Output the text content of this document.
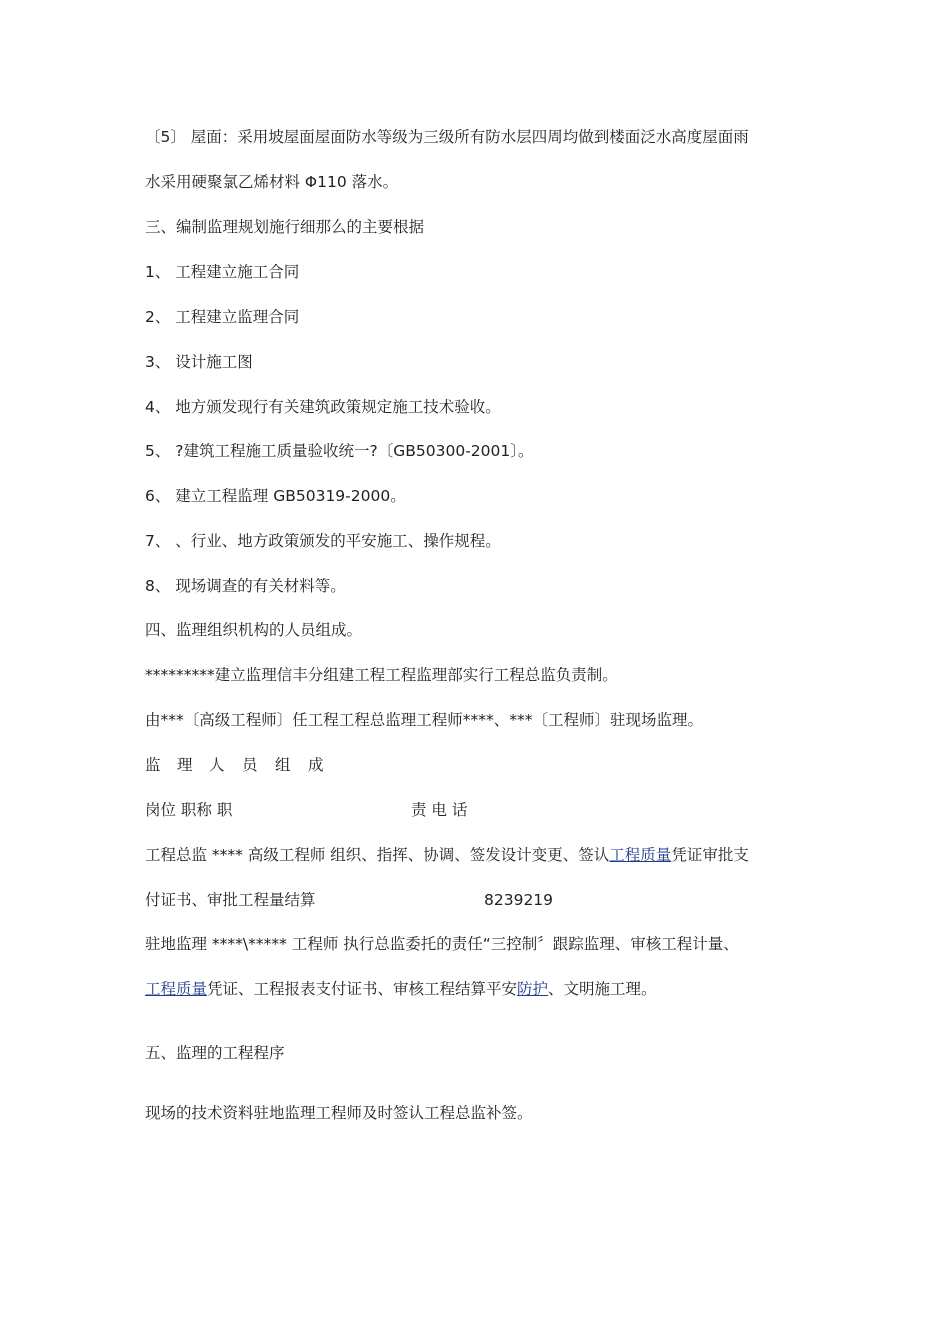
〔5〕 屋面：采用坡屋面屋面防水等级为三级所有防水层四周均做到楼面泛水高度屋面雨
水采用硬聚氯乙烯材料 Φ110 落水。
三、编制监理规划施行细那么的主要根据
1、 工程建立施工合同
2、 工程建立监理合同
3、 设计施工图
4、 地方颁发现行有关建筑政策规定施工技术验收。
5、 ?建筑工程施工质量验收统一?〔GB50300-2001〕。
6、 建立工程监理 GB50319-2000。
7、 、行业、地方政策颁发的平安施工、操作规程。
8、 现场调查的有关材料等。
四、监理组织机构的人员组成。
*********建立监理信丰分组建工程工程监理部实行工程总监负责制。
由***〔高级工程师〕任工程工程总监理工程师****、***〔工程师〕驻现场监理。
监 理 人 员 组 成
岗位 职称 职	责 电 话
工程总监 **** 高级工程师 组织、指挥、协调、签发设计变更、签认工程质量凭证审批支
付证书、审批工程量结算	8239219
驻地监理 ****\***** 工程师 执行总监委托的责任“三控制〞跟踪监理、审核工程计量、
工程质量凭证、工程报表支付证书、审核工程结算平安防护、文明施工理。
五、监理的工程程序
现场的技术资料驻地监理工程师及时签认工程总监补签。
